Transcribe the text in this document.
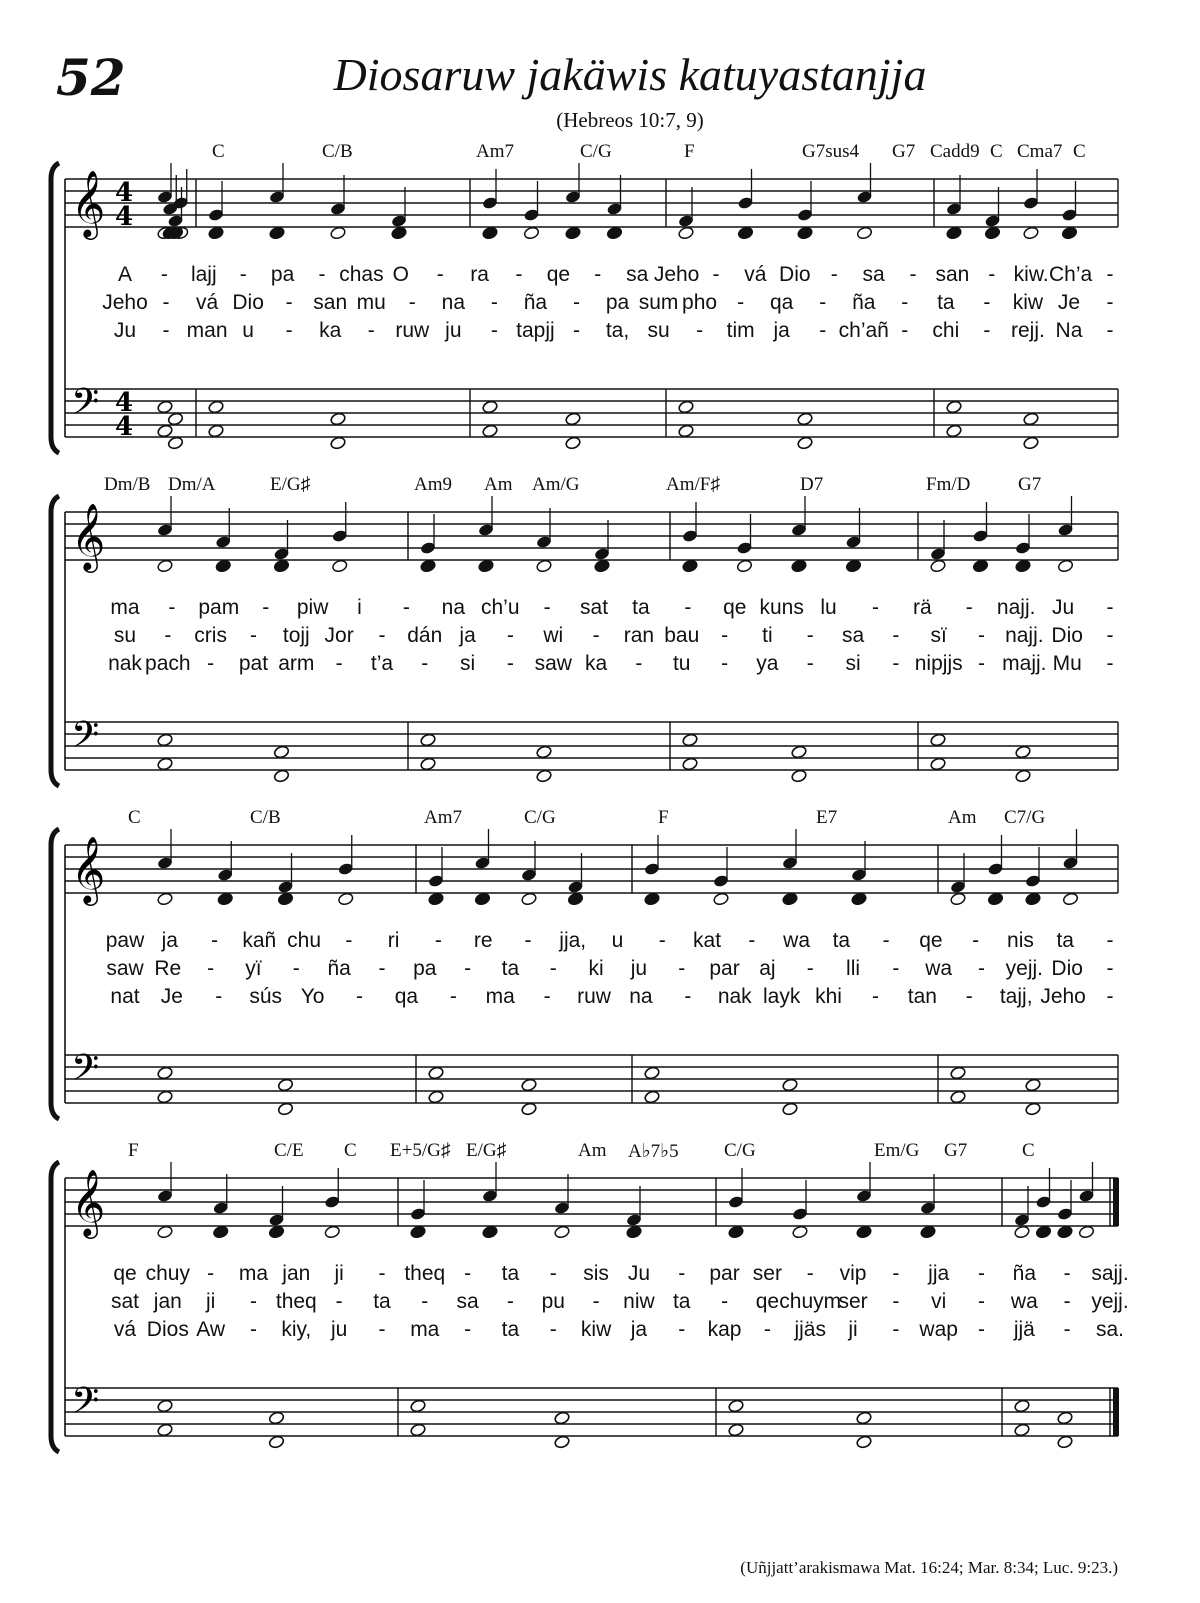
52	Diosaruw jakäwis katuyastanjja
(Hebreos 10:7, 9)
𝄞
𝄢
4
4
4
4
𝄞
𝄢
𝄞
𝄢
𝄞
𝄢
C	C/B	Am7	C/G	F	G7sus4 G7 Cadd9 C Cma7 C
A - lajj - pa - chas O - ra - qe - sa Jeho - vá Dio - sa - san - kiw. Ch’a -
Jeho - vá Dio - san mu - na - ña - pa sum pho - qa - ña - ta - kiw Je -
Ju - man u - ka - ruw ju - tapjj - ta, su - tim ja - ch’añ - chi - rejj. Na -
Dm/B Dm/A	E/G♯	Am9 Am Am/G	Am/F♯	D7	Fm/D	G7
ma - pam - piw i - na ch’u - sat ta - qe kuns lu - rä - najj. Ju -
su - cris - tojj Jor - dán ja - wi - ran bau - ti - sa - sï - najj. Dio -
nak pach - pat arm - t’a - si - saw ka - tu - ya - si - nipjjs - majj. Mu -
C	C/B	Am7	C/G	F	E7	Am C7/G
paw ja - kañ chu - ri - re - jja, u - kat - wa ta - qe - nis ta -
saw Re - yï - ña - pa - ta - ki ju - par aj - lli - wa - yejj. Dio -
nat Je - sús Yo - qa - ma - ruw na - nak layk khi - tan - tajj, Jeho -
F	C/E C E+5/G♯ E/G♯	Am A♭7♭5 C/G	Em/G G7	C
qe chuy - ma jan ji - theq - ta - sis Ju - par ser - vip - jja - ña - sajj.
sat jan ji - theq - ta - sa - pu - niw ta - qe chuym
ser - vi - wa - yejj.
vá Dios Aw - kiy, ju - ma - ta - kiw ja - kap - jjäs ji - wap - jjä - sa.
(Uñjjatt’arakismawa Mat. 16:24; Mar. 8:34; Luc. 9:23.)
